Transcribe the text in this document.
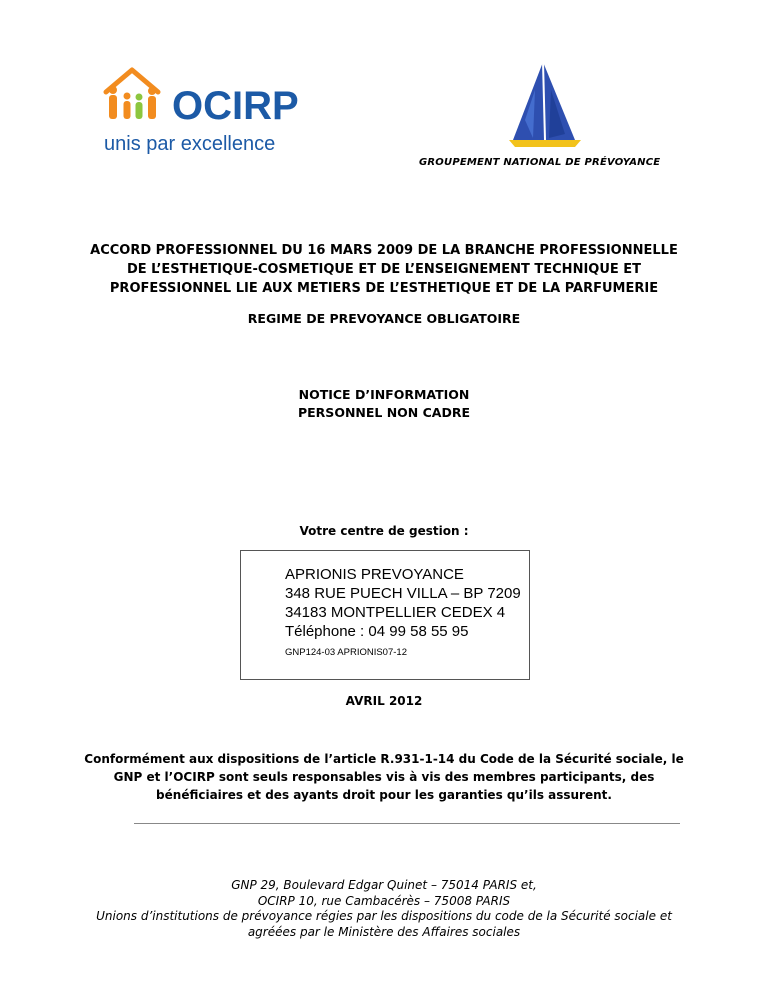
OCIRP
unis par excellence
GROUPEMENT NATIONAL DE PRÉVOYANCE
ACCORD PROFESSIONNEL DU 16 MARS 2009 DE LA BRANCHE PROFESSIONNELLE
DE L’ESTHETIQUE-COSMETIQUE ET DE L’ENSEIGNEMENT TECHNIQUE ET
PROFESSIONNEL LIE AUX METIERS DE L’ESTHETIQUE ET DE LA PARFUMERIE
REGIME DE PREVOYANCE OBLIGATOIRE
NOTICE D’INFORMATION
PERSONNEL NON CADRE
Votre centre de gestion :
APRIONIS PREVOYANCE
348 RUE PUECH VILLA – BP 7209
34183 MONTPELLIER CEDEX 4
Téléphone : 04 99 58 55 95
GNP124-03 APRIONIS07-12
AVRIL 2012
Conformément aux dispositions de l’article R.931-1-14 du Code de la Sécurité sociale, le
GNP et l’OCIRP sont seuls responsables vis à vis des membres participants, des
bénéficiaires et des ayants droit pour les garanties qu’ils assurent.
GNP 29, Boulevard Edgar Quinet – 75014 PARIS et,
OCIRP 10, rue Cambacérès – 75008 PARIS
Unions d’institutions de prévoyance régies par les dispositions du code de la Sécurité sociale et
agréées par le Ministère des Affaires sociales
